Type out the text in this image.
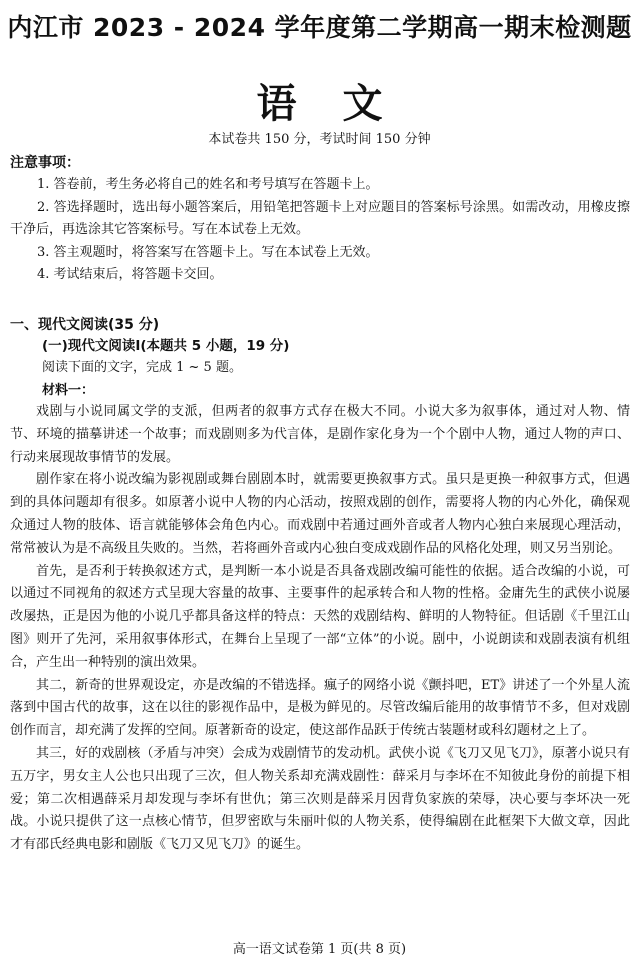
内江市 2023 - 2024 学年度第二学期高一期末检测题
语文
本试卷共 150 分，考试时间 150 分钟
注意事项：
1. 答卷前，考生务必将自己的姓名和考号填写在答题卡上。
2. 答选择题时，选出每小题答案后，用铅笔把答题卡上对应题目的答案标号涂黑。如需改动，用橡皮擦干净后，再选涂其它答案标号。写在本试卷上无效。
3. 答主观题时，将答案写在答题卡上。写在本试卷上无效。
4. 考试结束后，将答题卡交回。
一、现代文阅读(35 分)
(一)现代文阅读Ⅰ(本题共 5 小题，19 分)
阅读下面的文字，完成 1 ~ 5 题。
材料一：

戏剧与小说同属文学的支派，但两者的叙事方式存在极大不同。小说大多为叙事体，通过对人物、情节、环境的描摹讲述一个故事；而戏剧则多为代言体，是剧作家化身为一个个剧中人物，通过人物的声口、行动来展现故事情节的发展。

剧作家在将小说改编为影视剧或舞台剧剧本时，就需要更换叙事方式。虽只是更换一种叙事方式，但遇到的具体问题却有很多。如原著小说中人物的内心活动，按照戏剧的创作，需要将人物的内心外化，确保观众通过人物的肢体、语言就能够体会角色内心。而戏剧中若通过画外音或者人物内心独白来展现心理活动，常常被认为是不高级且失败的。当然，若将画外音或内心独白变成戏剧作品的风格化处理，则又另当别论。

首先，是否利于转换叙述方式，是判断一本小说是否具备戏剧改编可能性的依据。适合改编的小说，可以通过不同视角的叙述方式呈现大容量的故事、主要事件的起承转合和人物的性格。金庸先生的武侠小说屡改屡热，正是因为他的小说几乎都具备这样的特点：天然的戏剧结构、鲜明的人物特征。但话剧《千里江山图》则开了先河，采用叙事体形式，在舞台上呈现了一部“立体”的小说。剧中，小说朗读和戏剧表演有机组合，产生出一种特别的演出效果。

其二，新奇的世界观设定，亦是改编的不错选择。瘋子的网络小说《颤抖吧，ET》讲述了一个外星人流落到中国古代的故事，这在以往的影视作品中，是极为鲜见的。尽管改编后能用的故事情节不多，但对戏剧创作而言，却充满了发挥的空间。原著新奇的设定，使这部作品跃于传统古装题材或科幻题材之上了。

其三，好的戏剧核（矛盾与冲突）会成为戏剧情节的发动机。武侠小说《飞刀又见飞刀》，原著小说只有五万字，男女主人公也只出现了三次，但人物关系却充满戏剧性：薛采月与李坏在不知彼此身份的前提下相爱；第二次相遇薛采月却发现与李坏有世仇；第三次则是薛采月因背负家族的荣辱，决心要与李坏决一死战。小说只提供了这一点核心情节，但罗密欧与朱丽叶似的人物关系，使得编剧在此框架下大做文章，因此才有邵氏经典电影和剧版《飞刀又见飞刀》的诞生。

高一语文试卷第 1 页(共 8 页)
